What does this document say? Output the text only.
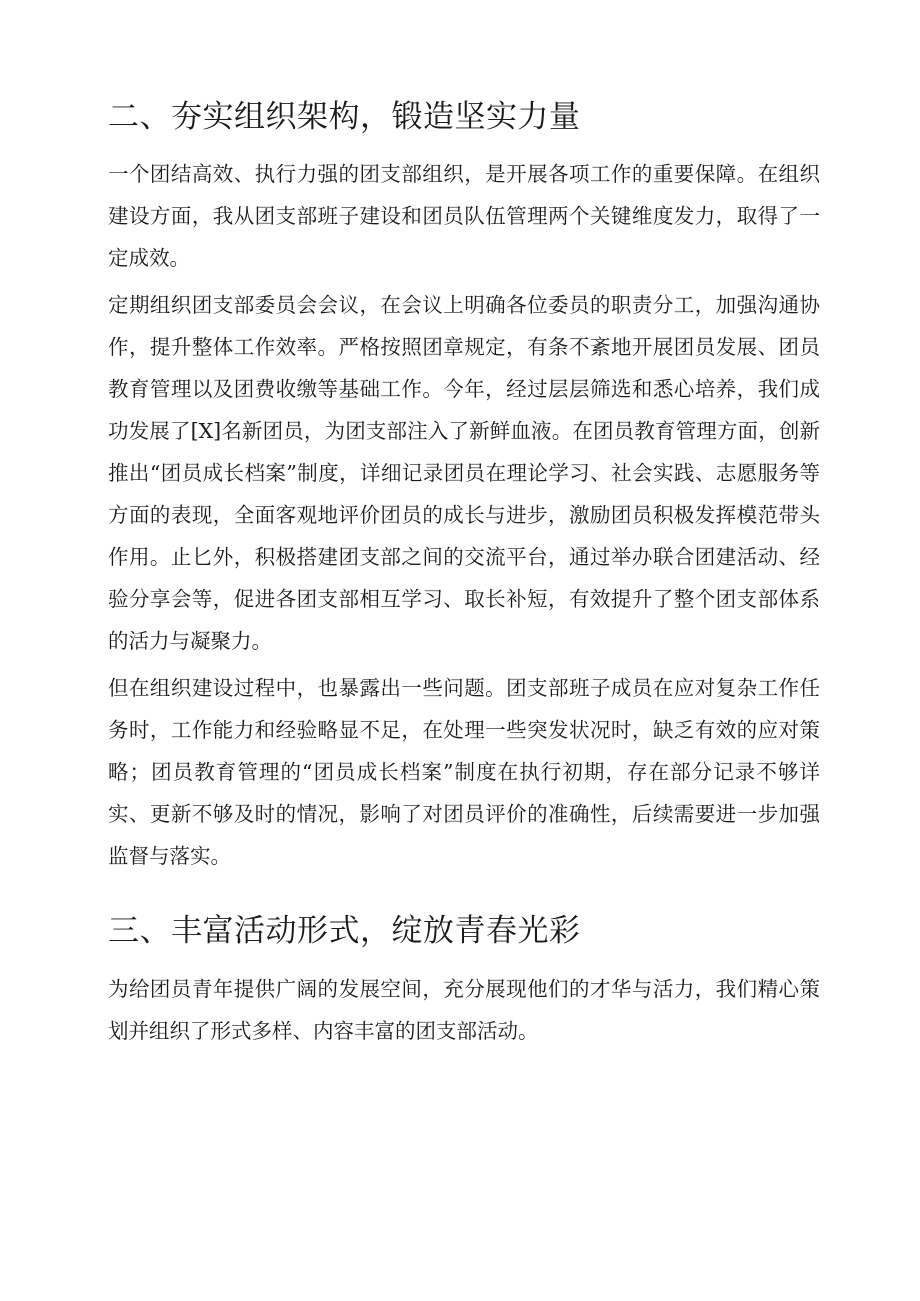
二、夯实组织架构，锻造坚实力量

一个团结高效、执行力强的团支部组织，是开展各项工作的重要保障。在组织建设方面，我从团支部班子建设和团员队伍管理两个关键维度发力，取得了一定成效。

定期组织团支部委员会会议，在会议上明确各位委员的职责分工，加强沟通协作，提升整体工作效率。严格按照团章规定，有条不紊地开展团员发展、团员教育管理以及团费收缴等基础工作。今年，经过层层筛选和悉心培养，我们成功发展了[X]名新团员，为团支部注入了新鲜血液。在团员教育管理方面，创新推出“团员成长档案”制度，详细记录团员在理论学习、社会实践、志愿服务等方面的表现，全面客观地评价团员的成长与进步，激励团员积极发挥模范带头作用。止匕外，积极搭建团支部之间的交流平台，通过举办联合团建活动、经验分享会等，促进各团支部相互学习、取长补短，有效提升了整个团支部体系的活力与凝聚力。

但在组织建设过程中，也暴露出一些问题。团支部班子成员在应对复杂工作任务时，工作能力和经验略显不足，在处理一些突发状况时，缺乏有效的应对策略；团员教育管理的“团员成长档案”制度在执行初期，存在部分记录不够详实、更新不够及时的情况，影响了对团员评价的准确性，后续需要进一步加强监督与落实。

三、丰富活动形式，绽放青春光彩

为给团员青年提供广阔的发展空间，充分展现他们的才华与活力，我们精心策划并组织了形式多样、内容丰富的团支部活动。
